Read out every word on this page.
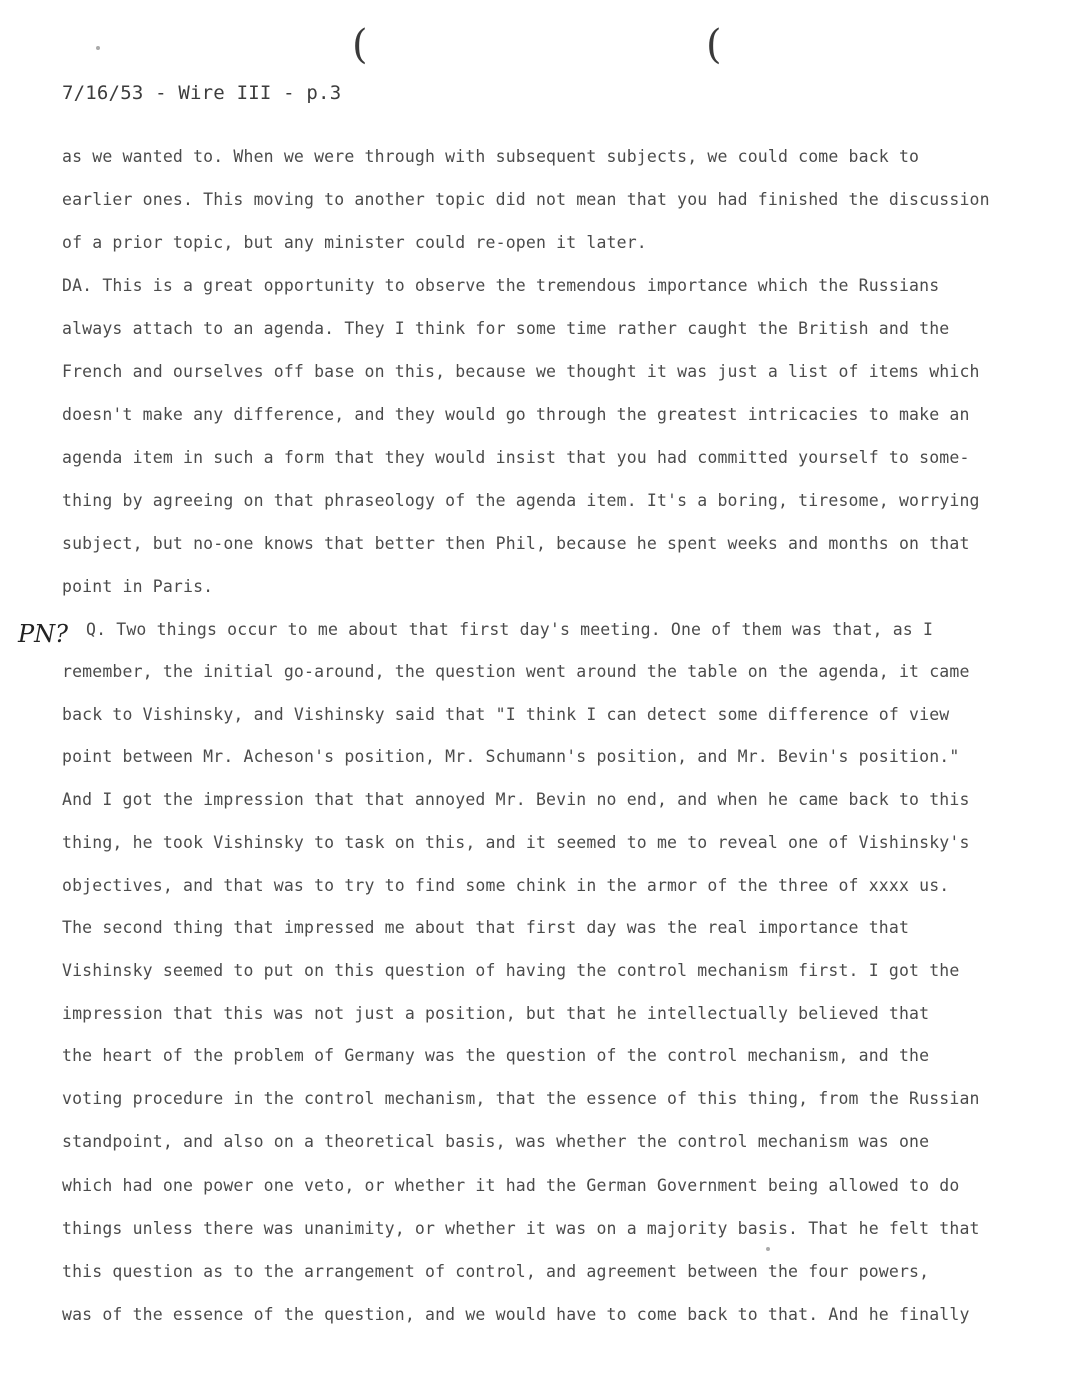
(	(
7/16/53 - Wire III - p.3
PN?
as we wanted to. When we were through with subsequent subjects, we could come back to
earlier ones. This moving to another topic did not mean that you had finished the discussion
of a prior topic, but any minister could re-open it later.
DA. This is a great opportunity to observe the tremendous importance which the Russians
always attach to an agenda. They I think for some time rather caught the British and the
French and ourselves off base on this, because we thought it was just a list of items which
doesn't make any difference, and they would go through the greatest intricacies to make an
agenda item in such a form that they would insist that you had committed yourself to some-
thing by agreeing on that phraseology of the agenda item. It's a boring, tiresome, worrying
subject, but no-one knows that better then Phil, because he spent weeks and months on that
point in Paris.
Q. Two things occur to me about that first day's meeting. One of them was that, as I
remember, the initial go-around, the question went around the table on the agenda, it came
back to Vishinsky, and Vishinsky said that "I think I can detect some difference of view
point between Mr. Acheson's position, Mr. Schumann's position, and Mr. Bevin's position."
And I got the impression that that annoyed Mr. Bevin no end, and when he came back to this
thing, he took Vishinsky to task on this, and it seemed to me to reveal one of Vishinsky's
objectives, and that was to try to find some chink in the armor of the three of xxxx us.
The second thing that impressed me about that first day was the real importance that
Vishinsky seemed to put on this question of having the control mechanism first. I got the
impression that this was not just a position, but that he intellectually believed that
the heart of the problem of Germany was the question of the control mechanism, and the
voting procedure in the control mechanism, that the essence of this thing, from the Russian
standpoint, and also on a theoretical basis, was whether the control mechanism was one
which had one power one veto, or whether it had the German Government being allowed to do
things unless there was unanimity, or whether it was on a majority basis. That he felt that
this question as to the arrangement of control, and agreement between the four powers,
was of the essence of the question, and we would have to come back to that. And he finally
